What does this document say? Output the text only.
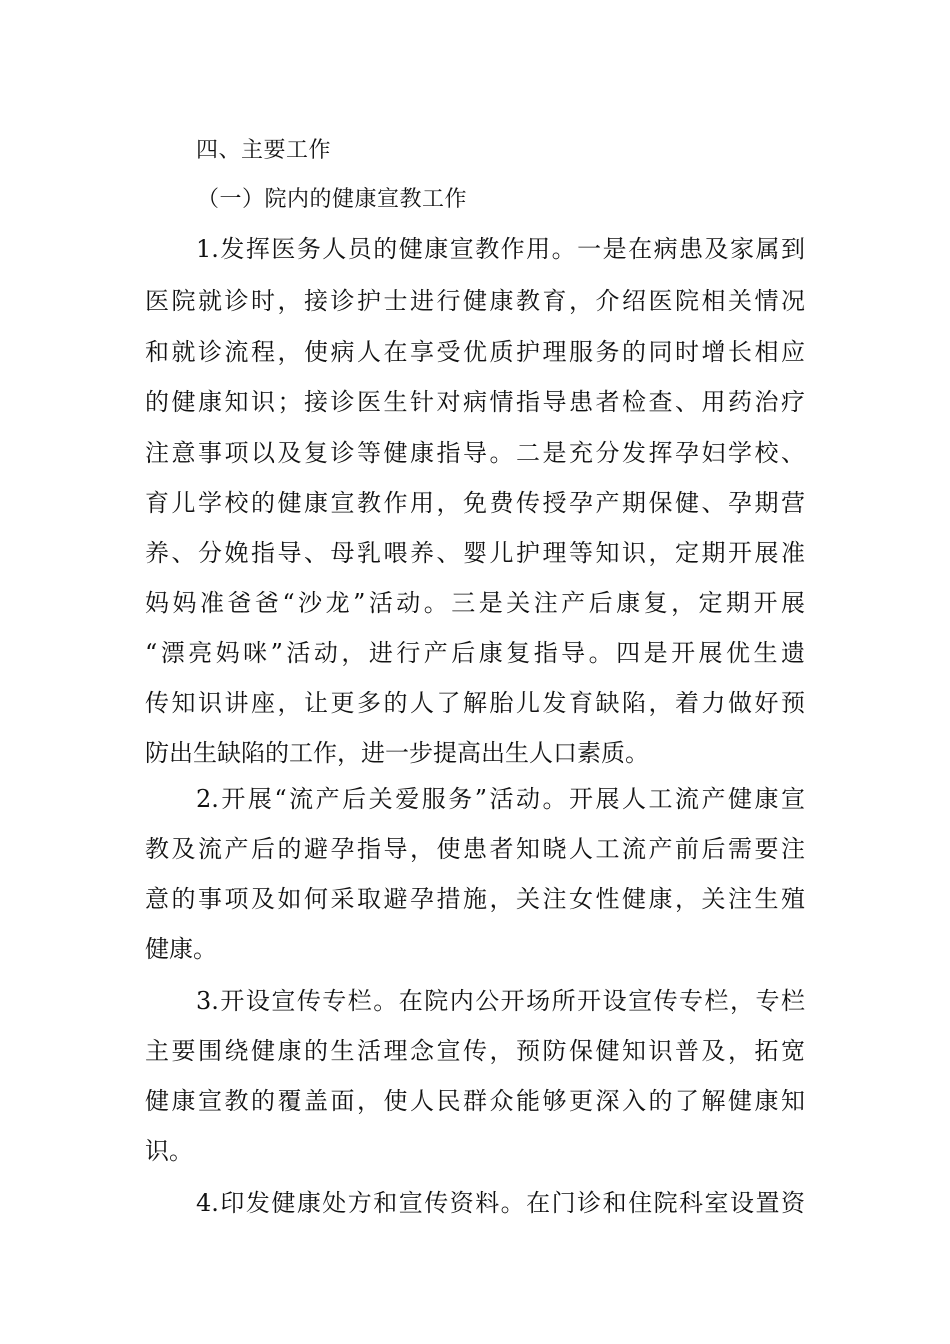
四、主要工作
（一）院内的健康宣教工作
1.发挥医务人员的健康宣教作用。一是在病患及家属到
医院就诊时，接诊护士进行健康教育，介绍医院相关情况
和就诊流程，使病人在享受优质护理服务的同时增长相应
的健康知识；接诊医生针对病情指导患者检查、用药治疗
注意事项以及复诊等健康指导。二是充分发挥孕妇学校、
育儿学校的健康宣教作用，免费传授孕产期保健、孕期营
养、分娩指导、母乳喂养、婴儿护理等知识，定期开展准
妈妈准爸爸“沙龙”活动。三是关注产后康复，定期开展
“漂亮妈咪”活动，进行产后康复指导。四是开展优生遗
传知识讲座，让更多的人了解胎儿发育缺陷，着力做好预
防出生缺陷的工作，进一步提高出生人口素质。
2.开展“流产后关爱服务”活动。开展人工流产健康宣
教及流产后的避孕指导，使患者知晓人工流产前后需要注
意的事项及如何采取避孕措施，关注女性健康，关注生殖
健康。
3.开设宣传专栏。在院内公开场所开设宣传专栏，专栏
主要围绕健康的生活理念宣传，预防保健知识普及，拓宽
健康宣教的覆盖面，使人民群众能够更深入的了解健康知
识。
4.印发健康处方和宣传资料。在门诊和住院科室设置资
